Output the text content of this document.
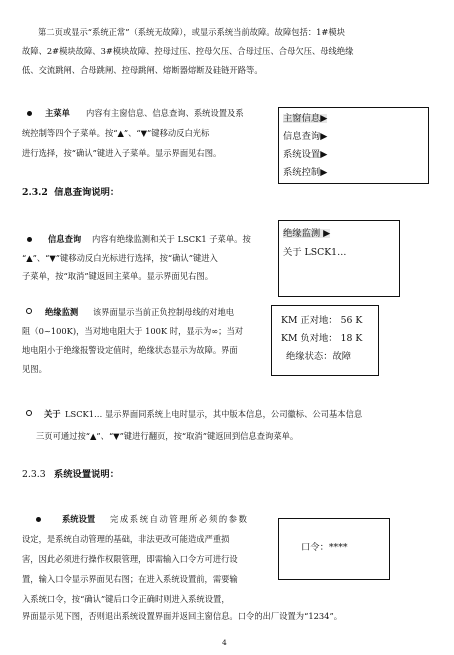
第二页或显示“系统正常”（系统无故障），或显示系统当前故障。故障包括：1#模块
故障、2#模块故障、3#模块故障、控母过压、控母欠压、合母过压、合母欠压、母线绝缘
低、交流跳闸、合母跳闸、控母跳闸、熔断器熔断及硅链开路等。
主菜单 内容有主窗信息、信息查询、系统设置及系
统控制等四个子菜单。按“▲”、“▼”键移动反白光标
进行选择，按“确认”键进入子菜单。显示界面见右图。
主窗信息▶
信息查询▶
系统设置▶
系统控制▶
2.3.2 信息查询说明：
信息查询 内容有绝缘监测和关于 LSCK1 子菜单。按
“▲”、“▼”键移动反白光标进行选择，按“确认”键进入
子菜单，按“取消”键返回主菜单。显示界面见右图。
绝缘监测 ▶
关于 LSCK1…
绝缘监测 该界面显示当前正负控制母线的对地电
阻（0~100K)，当对地电阻大于 100K 时，显示为∞；当对
地电阻小于绝缘报警设定值时，绝缘状态显示为故障。界面
见图。
KM 正对地： 56 K
KM 负对地： 18 K
绝缘状态：故障
关于 LSCK1… 显示界面同系统上电时显示，其中版本信息，公司徽标、公司基本信息
三页可通过按“▲”、“▼”键进行翻页，按“取消”键返回到信息查询菜单。
2.3.3 系统设置说明：
系统设置 完成系统自动管理所必须的参数
设定，是系统自动管理的基础，非法更改可能造成严重损
害，因此必须进行操作权限管理，即需输入口令方可进行设
置，输入口令显示界面见右图；在进入系统设置前，需要输
入系统口令，按“确认”键后口令正确时则进入系统设置，
界面显示见下图，否则退出系统设置界面并返回主窗信息。口令的出厂设置为“1234”。
口令：****
4
